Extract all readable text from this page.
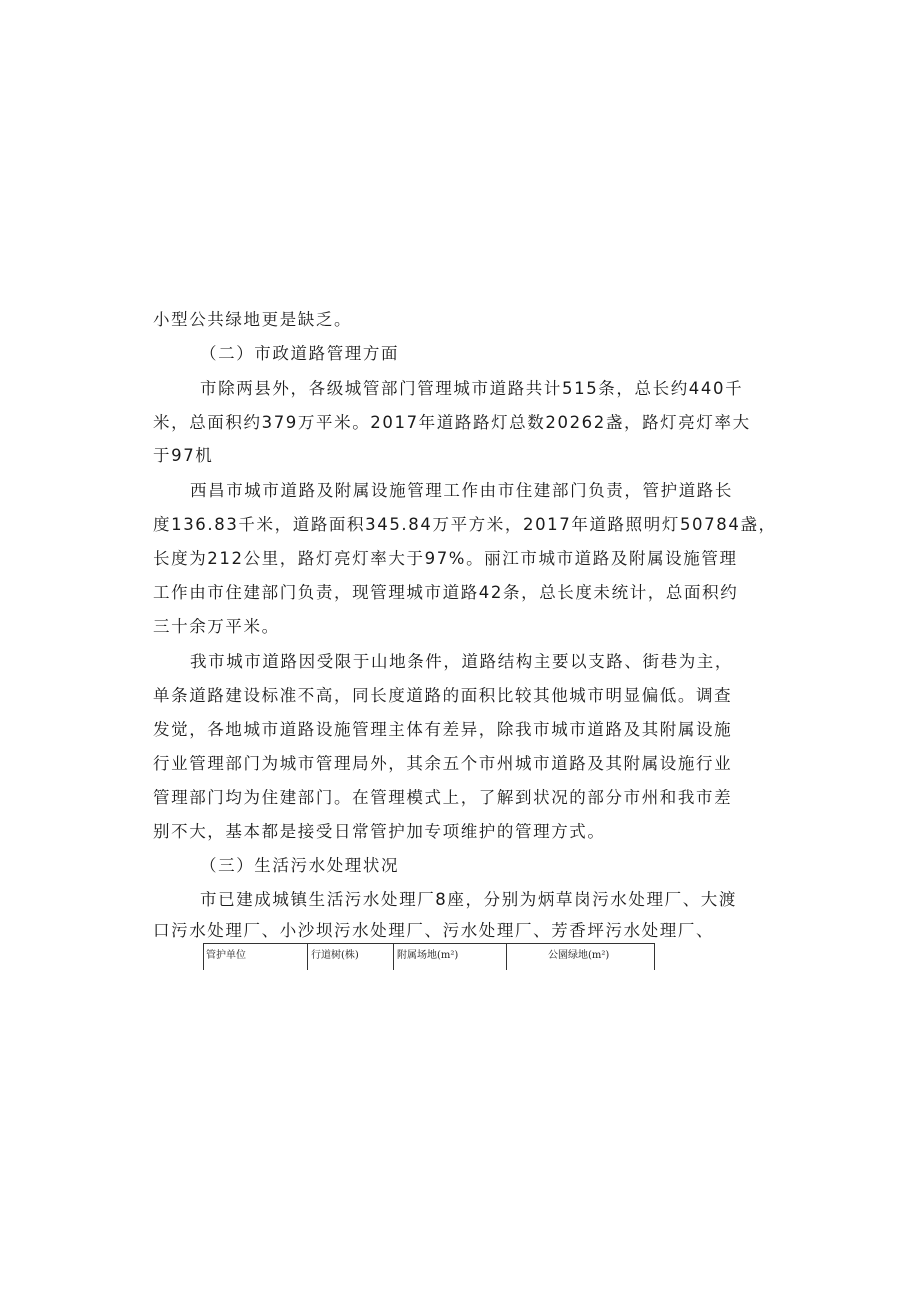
小型公共绿地更是缺乏。
（二）市政道路管理方面
市除两县外，各级城管部门管理城市道路共计515条，总长约440千
米，总面积约379万平米。2017年道路路灯总数20262盏，路灯亮灯率大
于97机
西昌市城市道路及附属设施管理工作由市住建部门负责，管护道路长
度136.83千米，道路面积345.84万平方米，2017年道路照明灯50784盏，
长度为212公里，路灯亮灯率大于97%。丽江市城市道路及附属设施管理
工作由市住建部门负责，现管理城市道路42条，总长度未统计，总面积约
三十余万平米。
我市城市道路因受限于山地条件，道路结构主要以支路、街巷为主，
单条道路建设标准不高，同长度道路的面积比较其他城市明显偏低。调查
发觉，各地城市道路设施管理主体有差异，除我市城市道路及其附属设施
行业管理部门为城市管理局外，其余五个市州城市道路及其附属设施行业
管理部门均为住建部门。在管理模式上，了解到状况的部分市州和我市差
别不大，基本都是接受日常管护加专项维护的管理方式。
（三）生活污水处理状况
市已建成城镇生活污水处理厂8座，分别为炳草岗污水处理厂、大渡
口污水处理厂、小沙坝污水处理厂、污水处理厂、芳香坪污水处理厂、
管护单位	行道树(株)	附属场地(m²)	公園绿地(m²)
